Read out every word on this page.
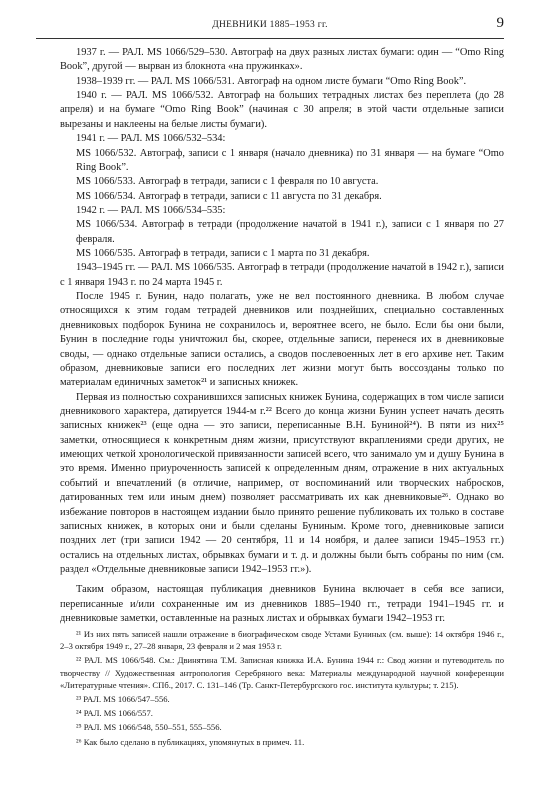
ДНЕВНИКИ 1885–1953 гг.	9

1937 г. — РАЛ. MS 1066/529–530. Автограф на двух разных листах бумаги: один — “Omo Ring Book”, другой — вырван из блокнота «на пружинках».

1938–1939 гг. — РАЛ. MS 1066/531. Автограф на одном листе бумаги “Omo Ring Book”.

1940 г. — РАЛ. MS 1066/532. Автограф на больших тетрадных листах без переплета (до 28 апреля) и на бумаге “Omo Ring Book” (начиная с 30 апреля; в этой части отдельные записи вырезаны и наклеены на белые листы бумаги).

1941 г. — РАЛ. MS 1066/532–534:

MS 1066/532. Автограф, записи с 1 января (начало дневника) по 31 января — на бумаге “Omo Ring Book”.

MS 1066/533. Автограф в тетради, записи с 1 февраля по 10 августа.

MS 1066/534. Автограф в тетради, записи с 11 августа по 31 декабря.

1942 г. — РАЛ. MS 1066/534–535:

MS 1066/534. Автограф в тетради (продолжение начатой в 1941 г.), записи с 1 января по 27 февраля.

MS 1066/535. Автограф в тетради, записи с 1 марта по 31 декабря.

1943–1945 гг. — РАЛ. MS 1066/535. Автограф в тетради (продолжение начатой в 1942 г.), записи с 1 января 1943 г. по 24 марта 1945 г.

После 1945 г. Бунин, надо полагать, уже не вел постоянного дневника. В любом случае относящихся к этим годам тетрадей дневников или позднейших, специально составленных дневниковых подборок Бунина не сохранилось и, вероятнее всего, не было. Если бы они были, Бунин в последние годы уничтожил бы, скорее, отдельные записи, перенеся их в дневниковые своды, — однако отдельные записи остались, а сводов послевоенных лет в его архиве нет. Таким образом, дневниковые записи его последних лет жизни могут быть воссозданы только по материалам единичных заметок²¹ и записных книжек.

Первая из полностью сохранившихся записных книжек Бунина, содержащих в том числе записи дневникового характера, датируется 1944-м г.²² Всего до конца жизни Бунин успеет начать десять записных книжек²³ (еще одна — это записи, переписанные В.Н. Буниной²⁴). В пяти из них²⁵ заметки, относящиеся к конкретным дням жизни, присутствуют вкраплениями среди других, не имеющих четкой хронологической привязанности записей всего, что занимало ум и душу Бунина в это время. Именно приуроченность записей к определенным дням, отражение в них актуальных событий и впечатлений (в отличие, например, от воспоминаний или творческих набросков, датированных тем или иным днем) позволяет рассматривать их как дневниковые²⁶. Однако во избежание повторов в настоящем издании было принято решение публиковать их только в составе записных книжек, в которых они и были сделаны Буниным. Кроме того, дневниковые записи поздних лет (три записи 1942 — 20 сентября, 11 и 14 ноября, и далее записи 1945–1953 гг.) остались на отдельных листах, обрывках бумаги и т. д. и должны были быть собраны по ним (см. раздел «Отдельные дневниковые записи 1942–1953 гг.»).

Таким образом, настоящая публикация дневников Бунина включает в себя все записи, переписанные и/или сохраненные им из дневников 1885–1940 гг., тетради 1941–1945 гг. и дневниковые заметки, оставленные на разных листах и обрывках бумаги 1942–1953 гг.

²¹ Из них пять записей нашли отражение в биографическом своде Устами Буниных (см. выше): 14 октября 1946 г., 2–3 октября 1949 г., 27–28 января, 23 февраля и 2 мая 1953 г.

²² РАЛ. MS 1066/548. См.: Двинятина Т.М. Записная книжка И.А. Бунина 1944 г.: Свод жизни и путеводитель по творчеству // Художественная антропология Серебряного века: Материалы международной научной конференции «Литературные чтения». СПб., 2017. С. 131–146 (Тр. Санкт-Петербургского гос. института культуры; т. 215).

²³ РАЛ. MS 1066/547–556.

²⁴ РАЛ. MS 1066/557.

²⁵ РАЛ. MS 1066/548, 550–551, 555–556.

²⁶ Как было сделано в публикациях, упомянутых в примеч. 11.
